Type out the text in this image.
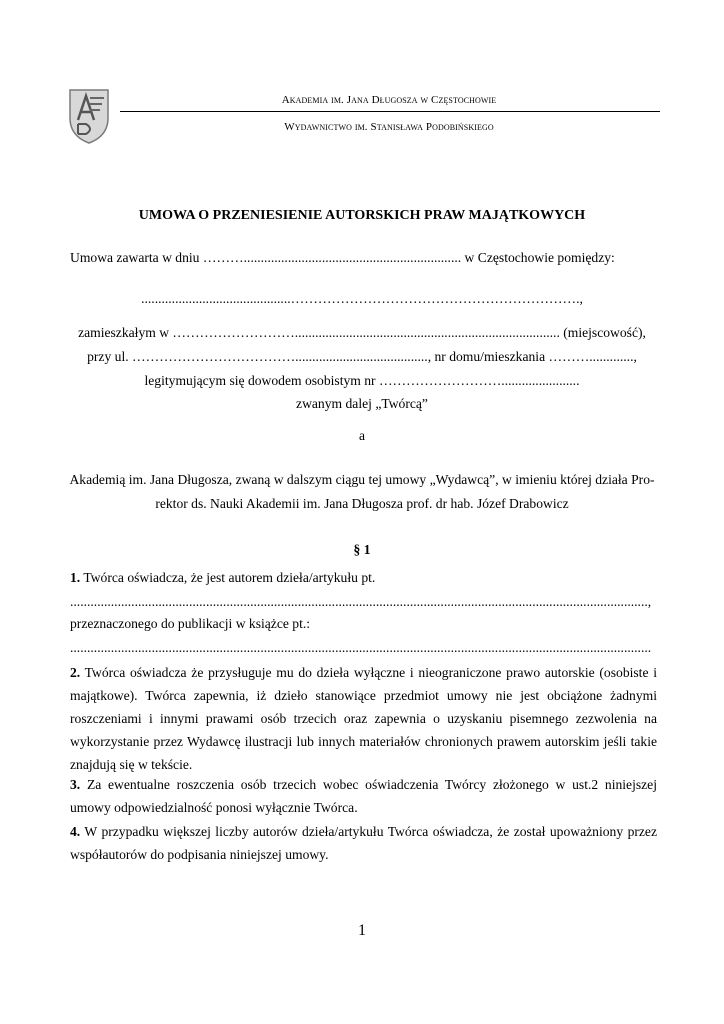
Akademia im. Jana Długosza w Częstochowie
Wydawnictwo im. Stanisława Podobińskiego
UMOWA O PRZENIESIENIE AUTORSKICH PRAW MAJĄTKOWYCH
Umowa zawarta w dniu ………................................................................ w Częstochowie pomiędzy:
............................................……………………………………………………….,
zamieszkałym w ……………………….............................................................................. (miejscowość),
przy ul. ………………………………......................................., nr domu/mieszkania ……….............,
legitymującym się dowodem osobistym nr ……………………….......................
zwanym dalej „Twórcą”
a
Akademią im. Jana Długosza, zwaną w dalszym ciągu tej umowy „Wydawcą”, w imieniu której działa Pro-
rektor ds. Nauki Akademii im. Jana Długosza prof. dr hab. Józef Drabowicz
§ 1
1. Twórca oświadcza, że jest autorem dzieła/artykułu pt.
..........................................................................................................................................................................,
przeznaczonego do publikacji w książce pt.:
...........................................................................................................................................................................
2. Twórca oświadcza że przysługuje mu do dzieła wyłączne i nieograniczone prawo autorskie (osobiste i majątkowe). Twórca zapewnia, iż dzieło stanowiące przedmiot umowy nie jest obciążone żadnymi roszczeniami i innymi prawami osób trzecich oraz zapewnia o uzyskaniu pisemnego zezwolenia na wykorzystanie przez Wydawcę ilustracji lub innych materiałów chronionych prawem autorskim jeśli takie znajdują się w tekście.
3. Za ewentualne roszczenia osób trzecich wobec oświadczenia Twórcy złożonego w ust.2 niniejszej umowy odpowiedzialność ponosi wyłącznie Twórca.
4. W przypadku większej liczby autorów dzieła/artykułu Twórca oświadcza, że został upoważniony przez współautorów do podpisania niniejszej umowy.
1
